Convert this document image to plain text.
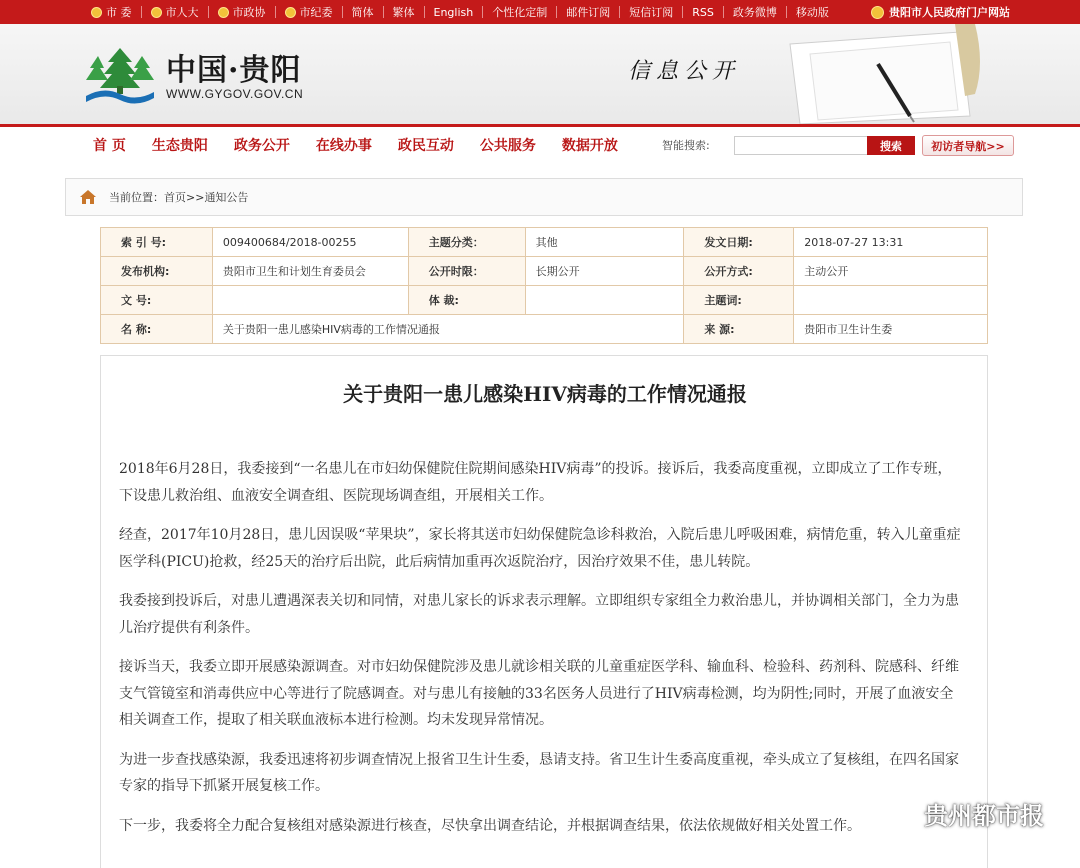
市 委	市人大	市政协	市纪委 简体 繁体 English 个性化定制 邮件订阅 短信订阅 RSS 政务微博 移动版	贵阳市人民政府门户网站
中国·贵阳
WWW.GYGOV.GOV.CN
信息公开
首 页	生态贵阳	政务公开	在线办事	政民互动	公共服务	数据开放	智能搜索:	搜索	初访者导航>>
当前位置： 首页 >> 通知公告
索 引 号:	009400684/2018-00255	主题分类：	其他	发文日期:	2018-07-27 13:31
发布机构:	贵阳市卫生和计划生育委员会	公开时限：	长期公开	公开方式:	主动公开
文 号:		体 裁:		主题词:	
名 称:	关于贵阳一患儿感染HIV病毒的工作情况通报			来 源:	贵阳市卫生计生委
关于贵阳一患儿感染HIV病毒的工作情况通报

2018年6月28日，我委接到“一名患儿在市妇幼保健院住院期间感染HIV病毒”的投诉。接诉后，我委高度重视，立即成立了工作专班，下设患儿救治组、血液安全调查组、医院现场调查组，开展相关工作。

经查，2017年10月28日，患儿因误吸“苹果块”，家长将其送市妇幼保健院急诊科救治，入院后患儿呼吸困难，病情危重，转入儿童重症医学科(PICU)抢救，经25天的治疗后出院，此后病情加重再次返院治疗，因治疗效果不佳，患儿转院。

我委接到投诉后，对患儿遭遇深表关切和同情，对患儿家长的诉求表示理解。立即组织专家组全力救治患儿，并协调相关部门，全力为患儿治疗提供有利条件。

接诉当天，我委立即开展感染源调查。对市妇幼保健院涉及患儿就诊相关联的儿童重症医学科、输血科、检验科、药剂科、院感科、纤维支气管镜室和消毒供应中心等进行了院感调查。对与患儿有接触的33名医务人员进行了HIV病毒检测，均为阴性;同时，开展了血液安全相关调查工作，提取了相关联血液标本进行检测。均未发现异常情况。

为进一步查找感染源，我委迅速将初步调查情况上报省卫生计生委，恳请支持。省卫生计生委高度重视，牵头成立了复核组，在四名国家专家的指导下抓紧开展复核工作。

下一步，我委将全力配合复核组对感染源进行核查，尽快拿出调查结论，并根据调查结果，依法依规做好相关处置工作。	贵州都市报
